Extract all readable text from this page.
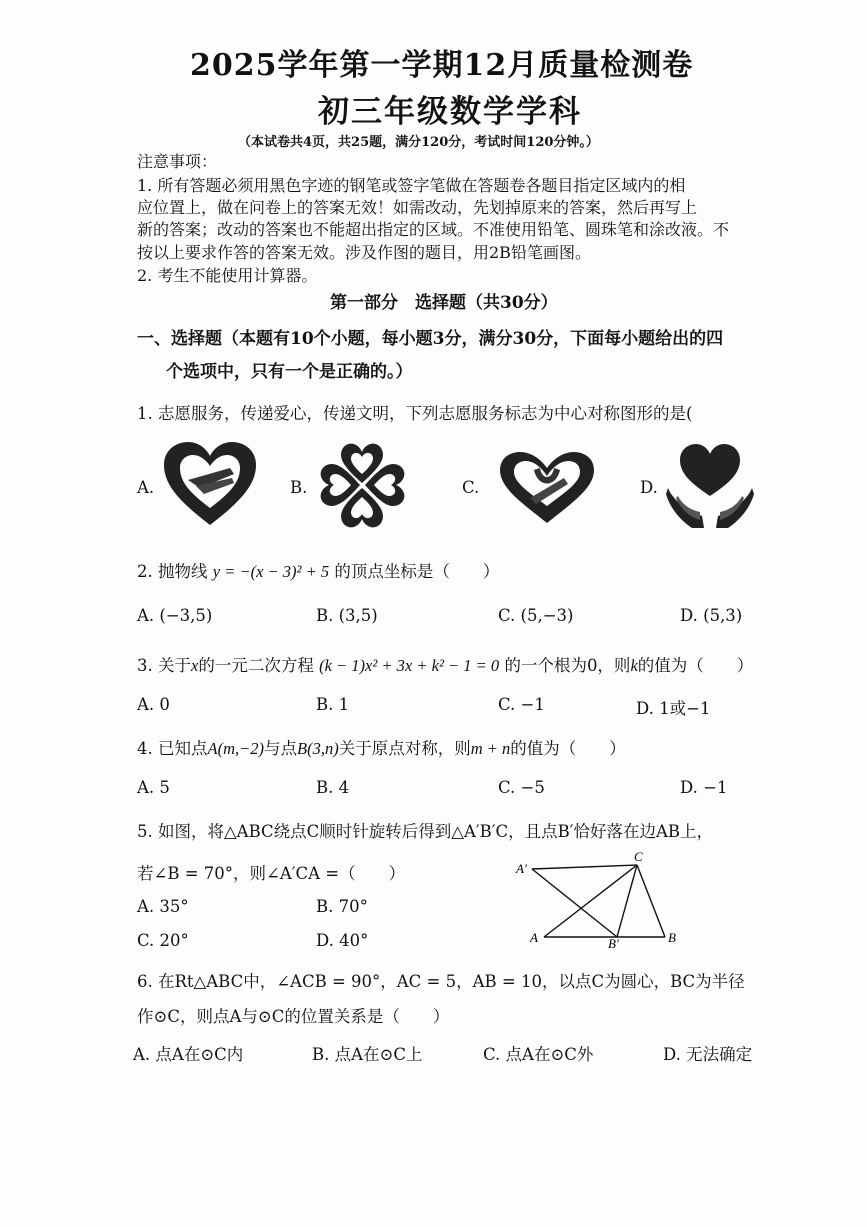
2025学年第一学期12月质量检测卷
初三年级数学学科
（本试卷共4页，共25题，满分120分，考试时间120分钟。）
注意事项：
1. 所有答题必须用黑色字迹的钢笔或签字笔做在答题卷各题目指定区域内的相
应位置上，做在问卷上的答案无效！如需改动，先划掉原来的答案，然后再写上
新的答案；改动的答案也不能超出指定的区域。不准使用铅笔、圆珠笔和涂改液。不
按以上要求作答的答案无效。涉及作图的题目，用2B铅笔画图。
2. 考生不能使用计算器。
第一部分　选择题（共30分）
一、选择题（本题有10个小题，每小题3分，满分30分，下面每小题给出的四
个选项中，只有一个是正确的。）
1. 志愿服务，传递爱心，传递文明，下列志愿服务标志为中心对称图形的是(
A.	B.	C.	D.
2. 抛物线 y = −(x − 3)² + 5 的顶点坐标是（　　）
A. (−3,5)	B. (3,5)	C. (5,−3)	D. (5,3)
3. 关于x的一元二次方程 (k − 1)x² + 3x + k² − 1 = 0 的一个根为0，则k的值为（　　）
A. 0	B. 1	C. −1	D. 1或−1
4. 已知点A(m,−2)与点B(3,n)关于原点对称，则m + n的值为（　　）
A. 5	B. 4	C. −5	D. −1
5. 如图，将△ABC绕点C顺时针旋转后得到△A′B′C，且点B′恰好落在边AB上，
若∠B = 70°，则∠A′CA =（　　）
A. 35°	B. 70°
C. 20°	D. 40°
A′
C
A	B′	B
6. 在Rt△ABC中，∠ACB = 90°，AC = 5，AB = 10，以点C为圆心，BC为半径
作⊙C，则点A与⊙C的位置关系是（　　）
A. 点A在⊙C内	B. 点A在⊙C上	C. 点A在⊙C外	D. 无法确定
